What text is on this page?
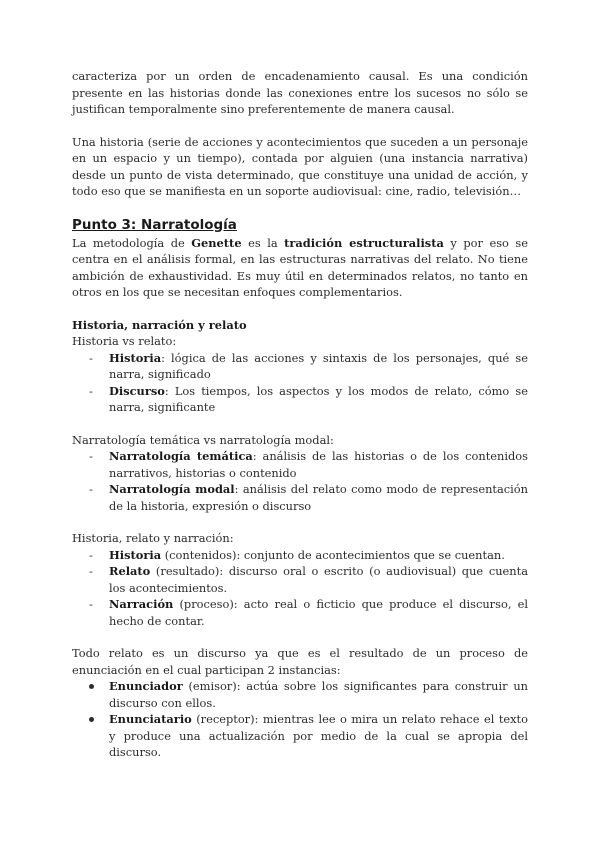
caracteriza por un orden de encadenamiento causal. Es una condición presente en las historias donde las conexiones entre los sucesos no sólo se justifican temporalmente sino preferentemente de manera causal.

Una historia (serie de acciones y acontecimientos que suceden a un personaje en un espacio y un tiempo), contada por alguien (una instancia narrativa) desde un punto de vista determinado, que constituye una unidad de acción, y todo eso que se manifiesta en un soporte audiovisual: cine, radio, televisión…

Punto 3: Narratología

La metodología de Genette es la tradición estructuralista y por eso se centra en el análisis formal, en las estructuras narrativas del relato. No tiene ambición de exhaustividad. Es muy útil en determinados relatos, no tanto en otros en los que se necesitan enfoques complementarios.

Historia, narración y relato

Historia vs relato:

- Historia: lógica de las acciones y sintaxis de los personajes, qué se narra, significado
- Discurso: Los tiempos, los aspectos y los modos de relato, cómo se narra, significante

Narratología temática vs narratología modal:

- Narratología temática: análisis de las historias o de los contenidos narrativos, historias o contenido
- Narratología modal: análisis del relato como modo de representación de la historia, expresión o discurso

Historia, relato y narración:

- Historia (contenidos): conjunto de acontecimientos que se cuentan.
- Relato (resultado): discurso oral o escrito (o audiovisual) que cuenta los acontecimientos.
- Narración (proceso): acto real o ficticio que produce el discurso, el hecho de contar.

Todo relato es un discurso ya que es el resultado de un proceso de enunciación en el cual participan 2 instancias:

Enunciador (emisor): actúa sobre los significantes para construir un discurso con ellos.
Enunciatario (receptor): mientras lee o mira un relato rehace el texto y produce una actualización por medio de la cual se apropia del discurso.
